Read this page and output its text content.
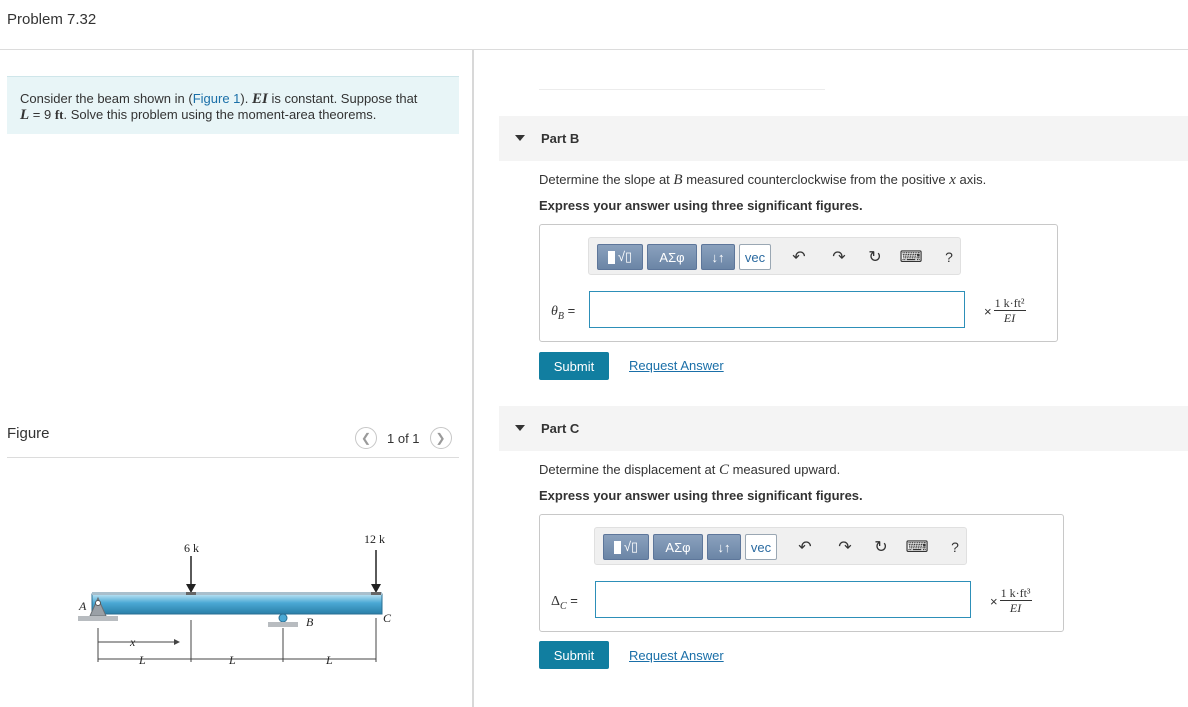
Problem 7.32
Consider the beam shown in (Figure 1). EI is constant. Suppose that
L = 9 ft. Solve this problem using the moment-area theorems.
Figure	❮	1 of 1	❯
6 k
12 k
A
B	C
x
L	L	L
Part B
Determine the slope at B measured counterclockwise from the positive x axis.
Express your answer using three significant figures.
√▯	ΑΣφ	↓↑	vec	↶ ↷ ↻ ⌨	?
$\theta_B$ =	× $\frac{\text{1 k·ft²}}{EI}$
Submit	Request Answer
Part C
Determine the displacement at C measured upward.
Express your answer using three significant figures.
√▯	ΑΣφ	↓↑	vec	↶ ↷ ↻ ⌨	?
$\Delta_C$ =	× $\frac{\text{1 k·ft³}}{EI}$
Submit	Request Answer
